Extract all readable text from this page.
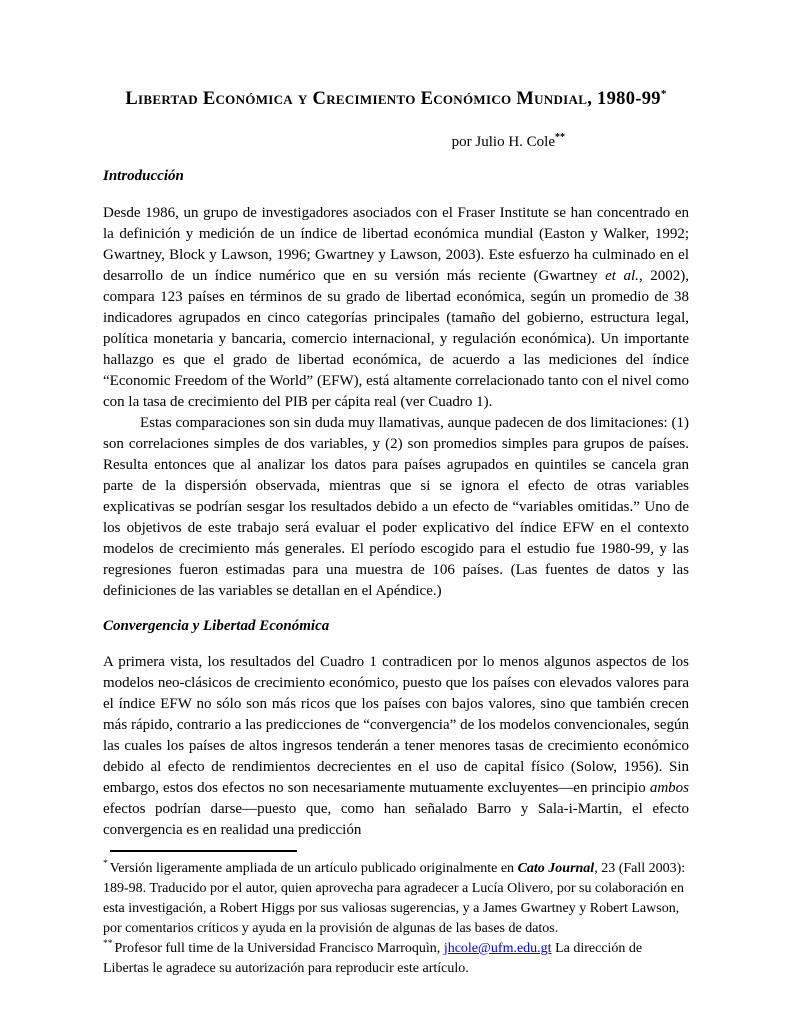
Libertad Económica y Crecimiento Económico Mundial, 1980-99*
por Julio H. Cole**
Introducción

Desde 1986, un grupo de investigadores asociados con el Fraser Institute se han concentrado en la definición y medición de un índice de libertad económica mundial (Easton y Walker, 1992; Gwartney, Block y Lawson, 1996; Gwartney y Lawson, 2003). Este esfuerzo ha culminado en el desarrollo de un índice numérico que en su versión más reciente (Gwartney et al., 2002), compara 123 países en términos de su grado de libertad económica, según un promedio de 38 indicadores agrupados en cinco categorías principales (tamaño del gobierno, estructura legal, política monetaria y bancaria, comercio internacional, y regulación económica). Un importante hallazgo es que el grado de libertad económica, de acuerdo a las mediciones del índice “Economic Freedom of the World” (EFW), está altamente correlacionado tanto con el nivel como con la tasa de crecimiento del PIB per cápita real (ver Cuadro 1).

Estas comparaciones son sin duda muy llamativas, aunque padecen de dos limitaciones: (1) son correlaciones simples de dos variables, y (2) son promedios simples para grupos de países. Resulta entonces que al analizar los datos para países agrupados en quintiles se cancela gran parte de la dispersión observada, mientras que si se ignora el efecto de otras variables explicativas se podrían sesgar los resultados debido a un efecto de “variables omitidas.” Uno de los objetivos de este trabajo será evaluar el poder explicativo del índice EFW en el contexto modelos de crecimiento más generales. El período escogido para el estudio fue 1980-99, y las regresiones fueron estimadas para una muestra de 106 países. (Las fuentes de datos y las definiciones de las variables se detallan en el Apéndice.)

Convergencia y Libertad Económica

A primera vista, los resultados del Cuadro 1 contradicen por lo menos algunos aspectos de los modelos neo-clásicos de crecimiento económico, puesto que los países con elevados valores para el índice EFW no sólo son más ricos que los países con bajos valores, sino que también crecen más rápido, contrario a las predicciones de “convergencia” de los modelos convencionales, según las cuales los países de altos ingresos tenderán a tener menores tasas de crecimiento económico debido al efecto de rendimientos decrecientes en el uso de capital físico (Solow, 1956). Sin embargo, estos dos efectos no son necesariamente mutuamente excluyentes—en principio ambos efectos podrían darse—puesto que, como han señalado Barro y Sala-i-Martin, el efecto convergencia es en realidad una predicción

* Versión ligeramente ampliada de un artículo publicado originalmente en Cato Journal, 23 (Fall 2003): 189-98. Traducido por el autor, quien aprovecha para agradecer a Lucía Olivero, por su colaboración en esta investigación, a Robert Higgs por sus valiosas sugerencias, y a James Gwartney y Robert Lawson, por comentarios críticos y ayuda en la provisión de algunas de las bases de datos.
** Profesor full time de la Universidad Francisco Marroquìn, jhcole@ufm.edu.gt La dirección de Libertas le agradece su autorización para reproducir este artículo.
